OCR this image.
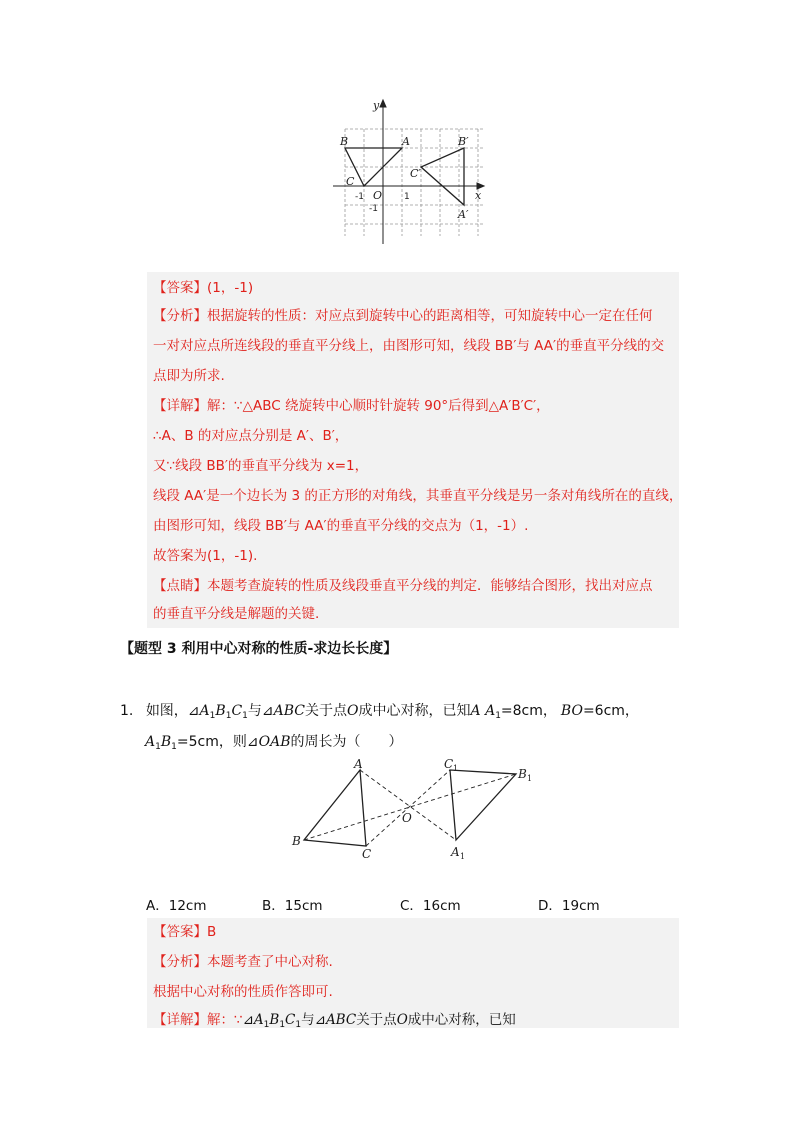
y
x
B	A
C
O
B′
C′
A′
-1	1
-1
【答案】(1，-1)
【分析】根据旋转的性质：对应点到旋转中心的距离相等，可知旋转中心一定在任何
一对对应点所连线段的垂直平分线上，由图形可知，线段 BB′与 AA′的垂直平分线的交
点即为所求.
【详解】解：∵△ABC 绕旋转中心顺时针旋转 90°后得到△A′B′C′，
∴A、B 的对应点分别是 A′、B′，
又∵线段 BB′的垂直平分线为 x=1，
线段 AA′是一个边长为 3 的正方形的对角线，其垂直平分线是另一条对角线所在的直线，
由图形可知，线段 BB′与 AA′的垂直平分线的交点为（1，-1）.
故答案为(1，-1).
【点睛】本题考查旋转的性质及线段垂直平分线的判定．能够结合图形，找出对应点
的垂直平分线是解题的关键.
【题型 3 利用中心对称的性质-求边长长度】
1. 如图，$⊿A_1B_1C_1$与⊿ABC关于点O成中心对称，已知A $A_1=8cm$， BO=6cm，
$A_1B_1=5cm$，则⊿OAB的周长为（　　）
A
B
C
O
C 1	B 1
A 1
A．12cm	B．15cm	C．16cm	D．19cm
【答案】B
【分析】本题考查了中心对称.
根据中心对称的性质作答即可.
【详解】解：$\because⊿A_1B_1C_1$与⊿ABC关于点O成中心对称，已知
